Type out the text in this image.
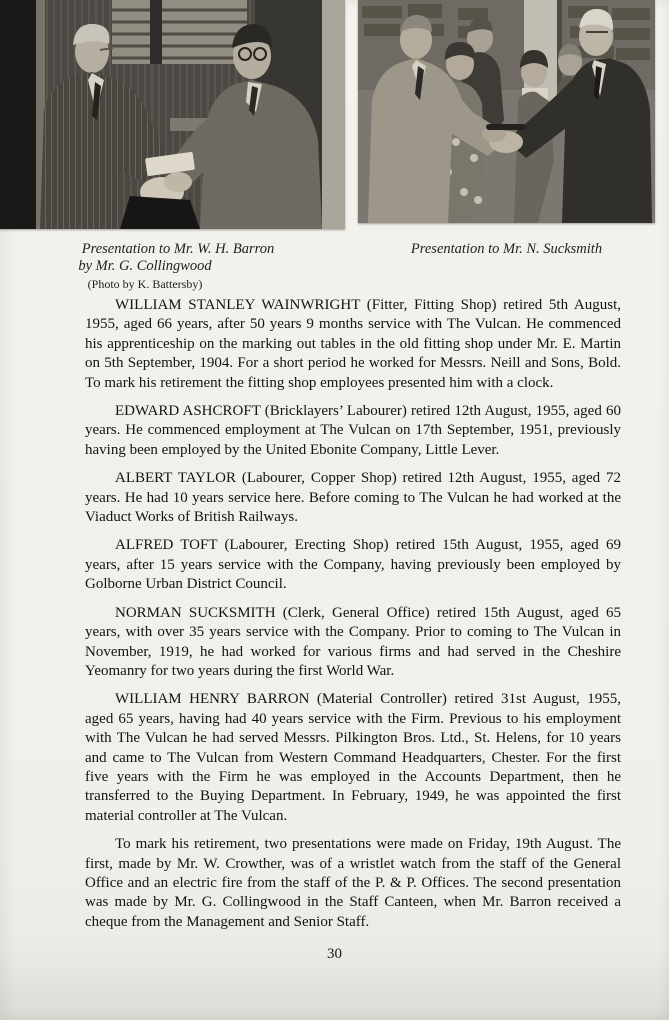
Presentation to Mr. W. H. Barron
by Mr. G. Collingwood
(Photo by K. Battersby)
Presentation to Mr. N. Sucksmith

WILLIAM STANLEY WAINWRIGHT (Fitter, Fitting Shop) retired 5th August, 1955, aged 66 years, after 50 years 9 months service with The Vulcan. He commenced his apprenticeship on the marking out tables in the old fitting shop under Mr. E. Martin on 5th September, 1904. For a short period he worked for Messrs. Neill and Sons, Bold. To mark his retirement the fitting shop employees presented him with a clock.

EDWARD ASHCROFT (Bricklayers’ Labourer) retired 12th August, 1955, aged 60 years. He commenced employment at The Vulcan on 17th September, 1951, previously having been employed by the United Ebonite Company, Little Lever.

ALBERT TAYLOR (Labourer, Copper Shop) retired 12th August, 1955, aged 72 years. He had 10 years service here. Before coming to The Vulcan he had worked at the Viaduct Works of British Railways.

ALFRED TOFT (Labourer, Erecting Shop) retired 15th August, 1955, aged 69 years, after 15 years service with the Company, having previously been employed by Golborne Urban District Council.

NORMAN SUCKSMITH (Clerk, General Office) retired 15th August, aged 65 years, with over 35 years service with the Company. Prior to coming to The Vulcan in November, 1919, he had worked for various firms and had served in the Cheshire Yeomanry for two years during the first World War.

WILLIAM HENRY BARRON (Material Controller) retired 31st August, 1955, aged 65 years, having had 40 years service with the Firm. Previous to his employment with The Vulcan he had served Messrs. Pilkington Bros. Ltd., St. Helens, for 10 years and came to The Vulcan from Western Command Headquarters, Chester. For the first five years with the Firm he was employed in the Accounts Department, then he transferred to the Buying Department. In February, 1949, he was appointed the first material controller at The Vulcan.

To mark his retirement, two presentations were made on Friday, 19th August. The first, made by Mr. W. Crowther, was of a wristlet watch from the staff of the General Office and an electric fire from the staff of the P. & P. Offices. The second presentation was made by Mr. G. Collingwood in the Staff Canteen, when Mr. Barron received a cheque from the Management and Senior Staff.

30
